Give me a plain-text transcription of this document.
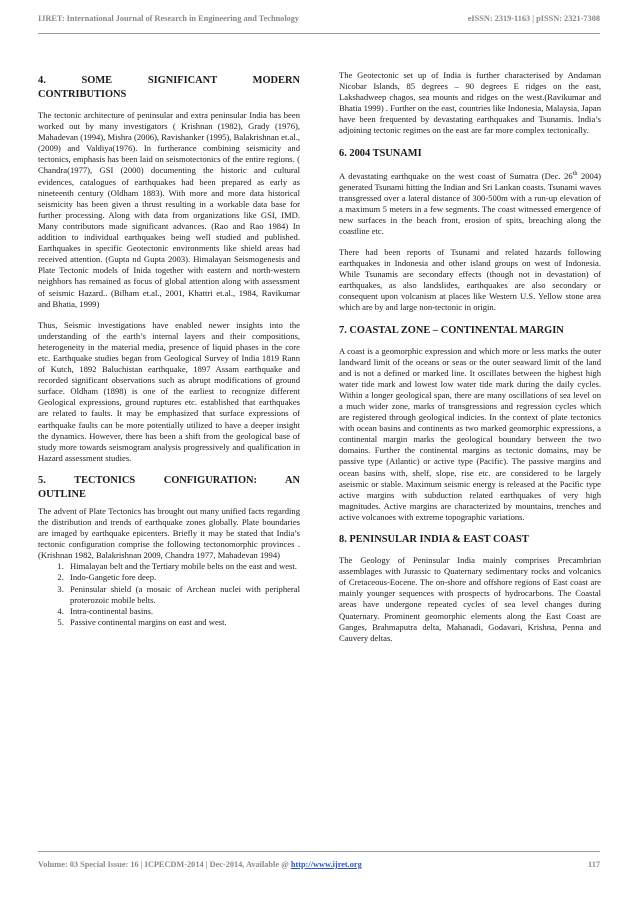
IJRET: International Journal of Research in Engineering and Technology	eISSN: 2319-1163 | pISSN: 2321-7308
4. SOME SIGNIFICANT MODERN
CONTRIBUTIONS

The tectonic architecture of peninsular and extra peninsular India has been worked out by many investigators ( Krishnan (1982), Grady (1976), Mahadevan (1994), Mishra (2006), Ravishanker (1995), Balakrishnan et.al., (2009) and Valdiya(1976). In furtherance combining seismicity and tectonics, emphasis has been laid on seismotectonics of the entire regions. ( Chandra(1977), GSI (2000) documenting the historic and cultural evidences, catalogues of earthquakes had been prepared as early as nineteenth century (Oldham 1883). With more and more data historical seismicity has been given a thrust resulting in a workable data base for further processing. Along with data from organizations like GSI, IMD. Many contributors made significant advances. (Rao and Rao 1984) In addition to individual earthquakes being well studied and published. Earthquakes in specific Geotectonic environments like shield areas had received attention. (Gupta nd Gupta 2003). Himalayan Seismogenesis and Plate Tectonic models of Inida together with eastern and north-western neighbors has remained as focus of global attention along with assessment of seismic Hazard.. (Bilham et.al., 2001, Khattri et.al., 1984, Ravikumar and Bhatia, 1999)

Thus, Seismic investigations have enabled newer insights into the understanding of the earth’s internal layers and their compositions, heterogeneity in the material media, presence of liquid phases in the core etc. Earthquake studies began from Geological Survey of India 1819 Rann of Kutch, 1892 Baluchistan earthquake, 1897 Assam earthquake and recorded significant observations such as abrupt modifications of ground surface. Oldham (1898) is one of the earliest to recognize different Geological expressions, ground ruptures etc. established that earthquakes are related to faults. It may be emphasized that surface expressions of earthquake faults can be more potentially utilized to have a deeper insight the dynamics. However, there has been a shift from the geological base of study more towards seismogram analysis progressively and qualification in Hazard assessment studies.

5. TECTONICS CONFIGURATION: AN
OUTLINE

The advent of Plate Tectonics has brought out many unified facts regarding the distribution and trends of earthquake zones globally. Plate boundaries are imaged by earthquake epicenters. Briefly it may be stated that India’s tectonic configuration comprise the following tectonomorphic provinces .(Krishnan 1982, Balakrishnan 2009, Chandra 1977, Mahadevan 1994)

1. Himalayan belt and the Tertiary mobile belts on the east and west.
2. Indo-Gangetic fore deep.
3. Peninsular shield (a mosaic of Archean nuclei with peripheral proterozoic mobile belts.
4. Intra-continental basins.
5. Passive continental margins on east and west.

The Geotectonic set up of India is further characterised by Andaman Nicobar Islands, 85 degrees – 90 degrees E ridges on the east, Lakshadweep chagos, sea mounts and ridges on the west.(Ravikumar and Bhatia 1999) . Further on the east, countries like Indonesia, Malaysia, Japan have been frequented by devastating earthquakes and Tsunamis. India’s adjoining tectonic regimes on the east are far more complex tectonically.

6. 2004 TSUNAMI

A devastating earthquake on the west coast of Sumatra (Dec. 26th 2004) generated Tsunami hitting the Indian and Sri Lankan coasts. Tsunami waves transgressed over a lateral distance of 300-500m with a run-up elevation of a maximum 5 meters in a few segments. The coast witnessed emergence of new surfaces in the beach front, erosion of spits, breaching along the coastline etc.

There had been reports of Tsunami and related hazards following earthquakes in Indonesia and other island groups on west of Indonesia. While Tsunamis are secondary effects (though not in devastation) of earthquakes, as also landslides, earthquakes are also secondary or consequent upon volcanism at places like Western U.S. Yellow stone area which are by and large non-tectonic in origin.

7. COASTAL ZONE – CONTINENTAL MARGIN

A coast is a geomorphic expression and which more or less marks the outer landward limit of the oceans or seas or the outer seaward limit of the land and is not a defined or marked line. It oscillates between the highest high water tide mark and lowest low water tide mark during the daily cycles. Within a longer geological span, there are many oscillations of sea level on a much wider zone, marks of transgressions and regression cycles which are registered through geological indicies. In the context of plate tectonics with ocean basins and continents as two marked geomorphic expressions, a continental margin marks the geological boundary between the two domains. Further the continental margins as tectonic domains, may be passive type (Atlantic) or active type (Pacific). The passive margins and ocean basins with, shelf, slope, rise etc. are considered to be largely aseismic or stable. Maximum seismic energy is released at the Pacific type active margins with subduction related earthquakes of very high magnitudes. Active margins are characterized by mountains, trenches and active volcanoes with extreme topographic variations.

8. PENINSULAR INDIA & EAST COAST

The Geology of Peninsular India mainly comprises Precambrian assemblages with Jurassic to Quaternary sedimentary rocks and volcanics of Cretaceous-Eocene. The on-shore and offshore regions of East coast are mainly younger sequences with prospects of hydrocarbons. The Coastal areas have undergone repeated cycles of sea level changes during Quaternary. Prominent geomorphic elements along the East Coast are Ganges, Brahmaputra delta, Mahanadi, Godavari, Krishna, Penna and Cauvery deltas.

Volume: 03 Special Issue: 16 | ICPECDM-2014 | Dec-2014, Available @ http://www.ijret.org	117
